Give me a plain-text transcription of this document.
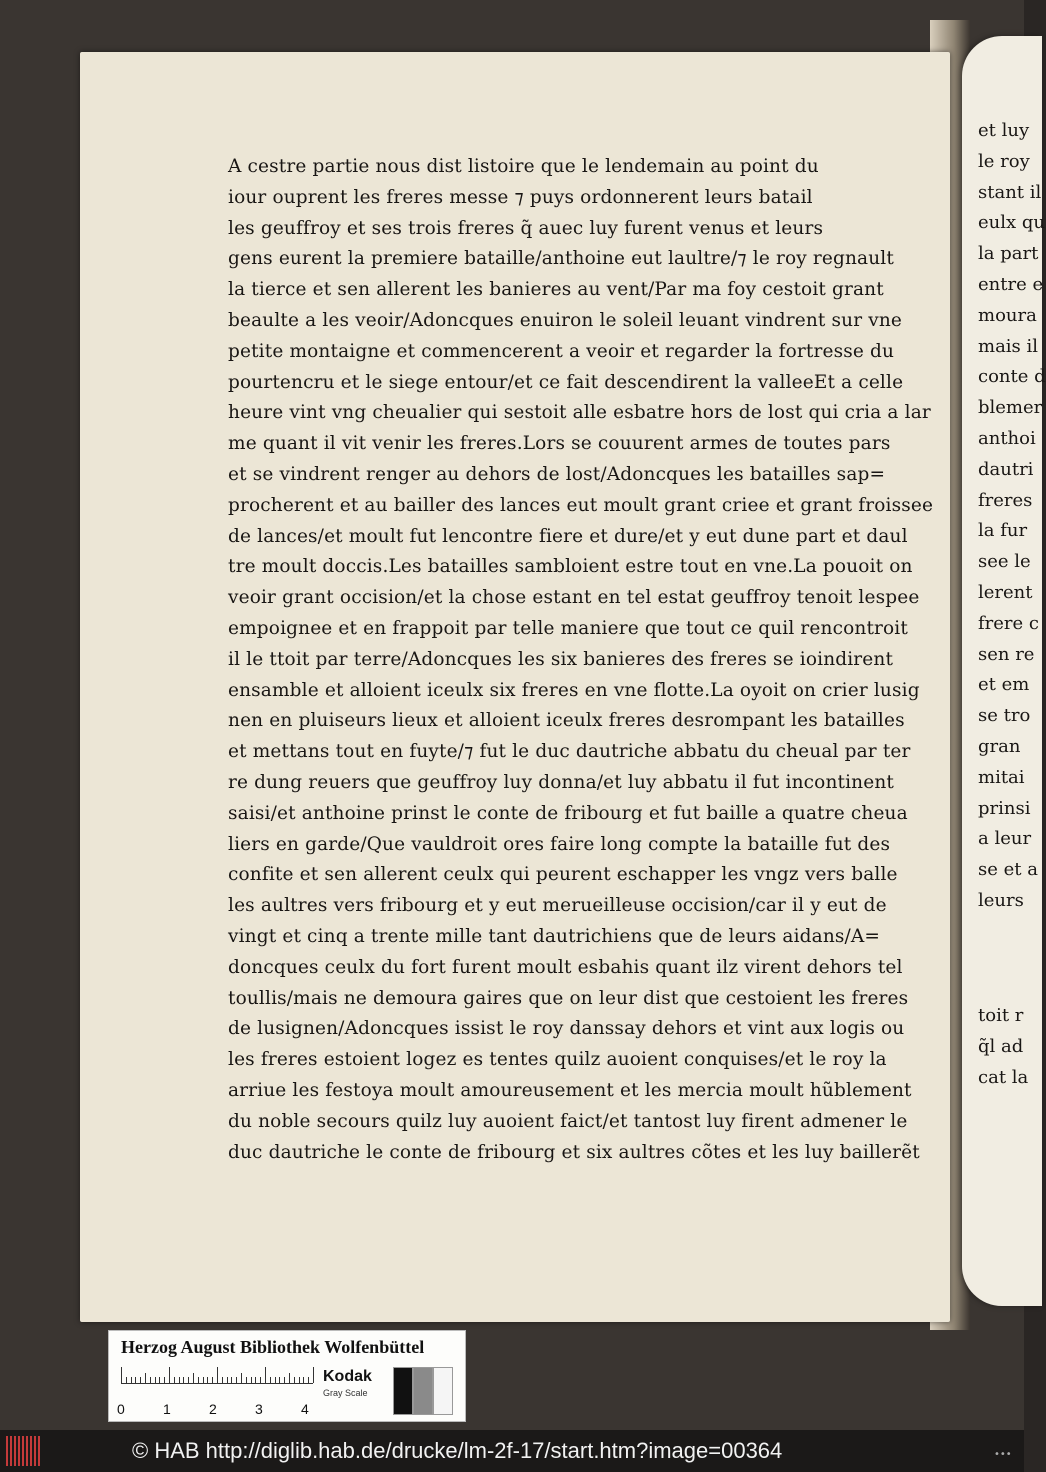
A cestre partie nous dist listoire que le lendemain au point du
iour ouprent les freres messe ⁊ puys ordonnerent leurs batail
les geuffroy et ses trois freres q̃ auec luy furent venus et leurs
gens eurent la premiere bataille/anthoine eut laultre/⁊ le roy regnault
la tierce et sen allerent les banieres au vent/Par ma foy cestoit grant
beaulte a les veoir/Adoncques enuiron le soleil leuant vindrent sur vne
petite montaigne et commencerent a veoir et regarder la fortresse du
pourtencru et le siege entour/et ce fait descendirent la valleeEt a celle
heure vint vng cheualier qui sestoit alle esbatre hors de lost qui cria a lar
me quant il vit venir les freres.Lors se couurent armes de toutes pars
et se vindrent renger au dehors de lost/Adoncques les batailles sap=
procherent et au bailler des lances eut moult grant criee et grant froissee
de lances/et moult fut lencontre fiere et dure/et y eut dune part et daul
tre moult doccis.Les batailles sambloient estre tout en vne.La pouoit on
veoir grant occision/et la chose estant en tel estat geuffroy tenoit lespee
empoignee et en frappoit par telle maniere que tout ce quil rencontroit
il le ttoit par terre/Adoncques les six banieres des freres se ioindirent
ensamble et alloient iceulx six freres en vne flotte.La oyoit on crier lusig
nen en pluiseurs lieux et alloient iceulx freres desrompant les batailles
et mettans tout en fuyte/⁊ fut le duc dautriche abbatu du cheual par ter
re dung reuers que geuffroy luy donna/et luy abbatu il fut incontinent
saisi/et anthoine prinst le conte de fribourg et fut baille a quatre cheua
liers en garde/Que vauldroit ores faire long compte la bataille fut des
confite et sen allerent ceulx qui peurent eschapper les vngz vers balle
les aultres vers fribourg et y eut merueilleuse occision/car il y eut de
vingt et cinq a trente mille tant dautrichiens que de leurs aidans/A=
doncques ceulx du fort furent moult esbahis quant ilz virent dehors tel
toullis/mais ne demoura gaires que on leur dist que cestoient les freres
de lusignen/Adoncques issist le roy danssay dehors et vint aux logis ou
les freres estoient logez es tentes quilz auoient conquises/et le roy la
arriue les festoya moult amoureusement et les mercia moult hũblement
du noble secours quilz luy auoient faict/et tantost luy firent admener le
duc dautriche le conte de fribourg et six aultres cõtes et les luy baillerẽt
et luy
le roy
stant il
eulx qu
la part
entre e
moura
mais il
conte d
blemer
anthoi
dautri
freres
la fur
see le
lerent
frere c
sen re
et em
se tro
gran
mitai
prinsi
a leur
se et a
leurs
toit r
q̃l ad
cat la
Herzog August Bibliothek Wolfenbüttel
0	1	2	3	4
Kodak
Gray Scale
© HAB http://diglib.hab.de/drucke/lm-2f-17/start.htm?image=00364	•••
